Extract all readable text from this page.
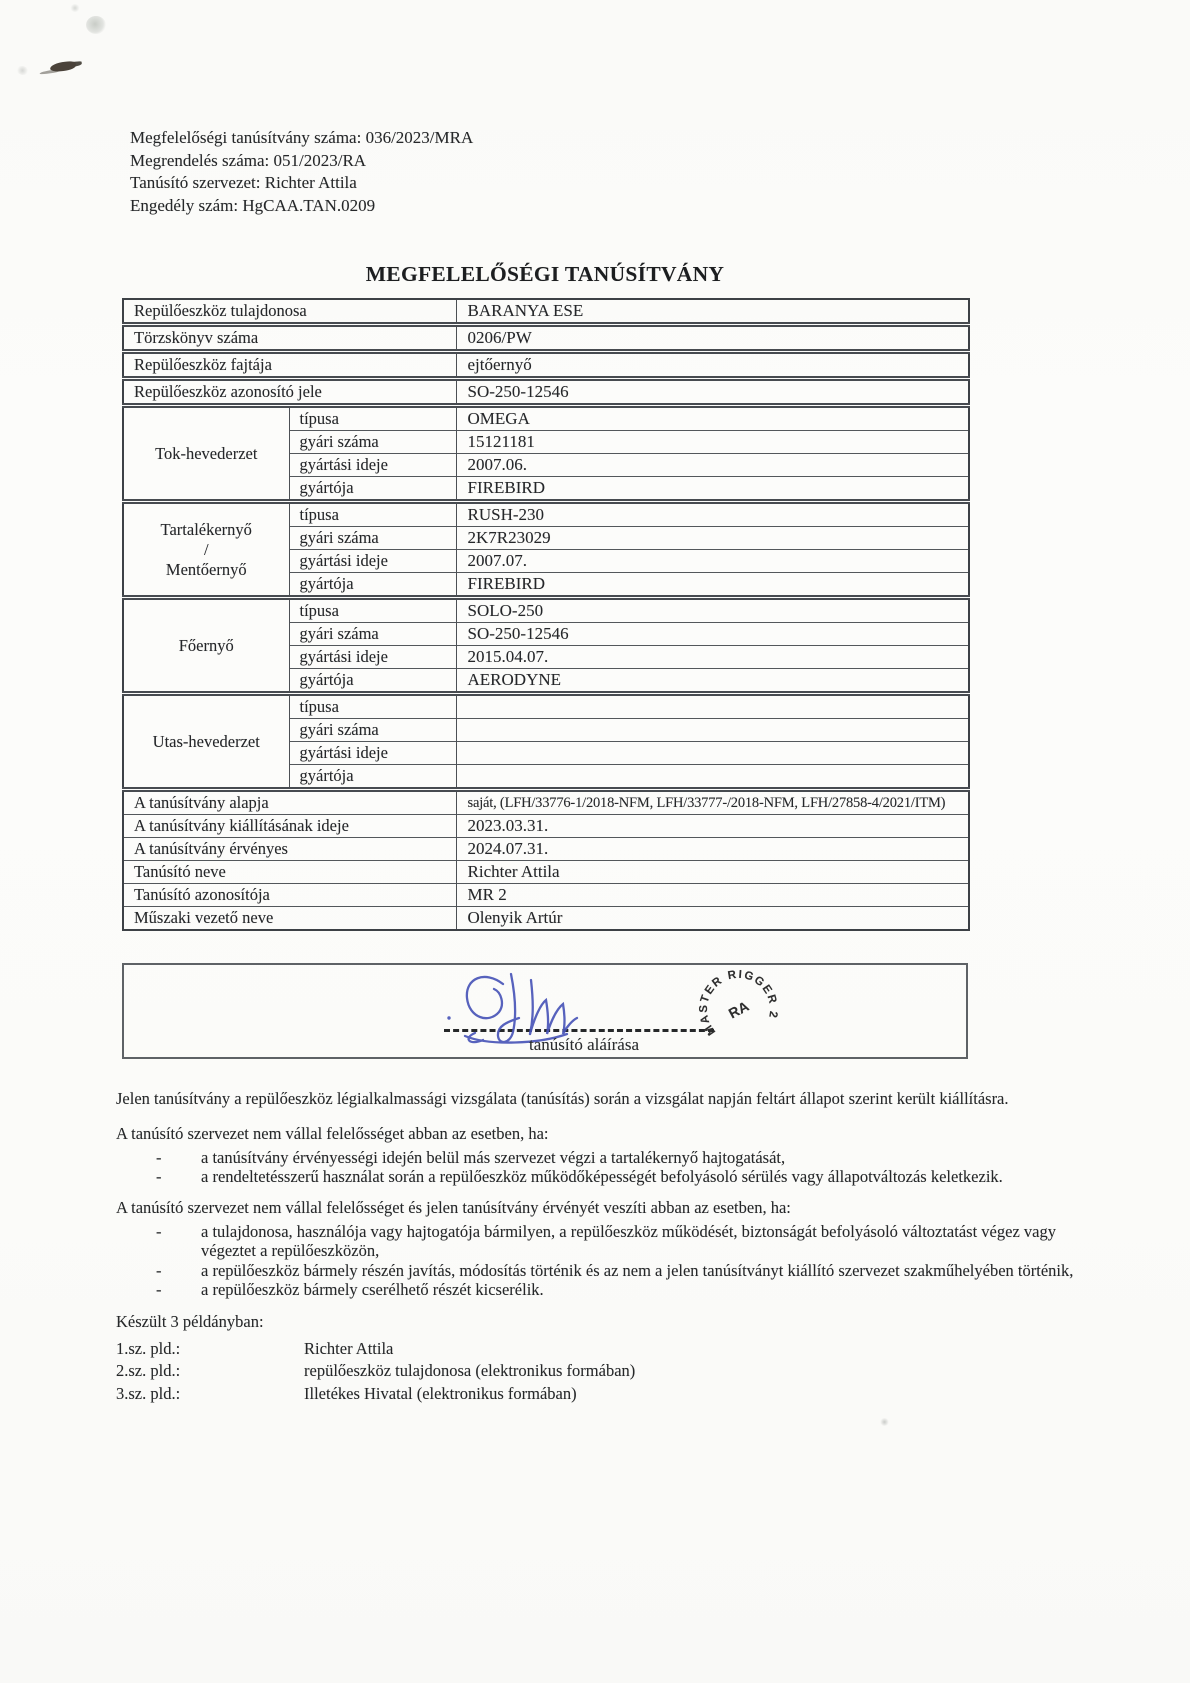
Megfelelőségi tanúsítvány száma: 036/2023/MRA
Megrendelés száma: 051/2023/RA
Tanúsító szervezet: Richter Attila
Engedély szám: HgCAA.TAN.0209
MEGFELELŐSÉGI TANÚSÍTVÁNY
Repülőeszköz tulajdonosa		BARANYA ESE
Törzskönyv száma		0206/PW
Repülőeszköz fajtája		ejtőernyő
Repülőeszköz azonosító jele		SO-250-12546

Tok-hevederzet	típusa	OMEGA
	gyári száma	15121181
	gyártási ideje	2007.06.
	gyártója	FIREBIRD

Tartalékernyő
/
Mentőernyő	típusa	RUSH-230
	gyári száma	2K7R23029
	gyártási ideje	2007.07.
	gyártója	FIREBIRD

Főernyő	típusa	SOLO-250
	gyári száma	SO-250-12546
	gyártási ideje	2015.04.07.
	gyártója	AERODYNE

Utas-hevederzet	típusa	
	gyári száma	
	gyártási ideje	
	gyártója	
A tanúsítvány alapja		saját, (LFH/33776-1/2018-NFM, LFH/33777-/2018-NFM, LFH/27858-4/2021/ITM)
A tanúsítvány kiállításának ideje		2023.03.31.
A tanúsítvány érvényes		2024.07.31.
Tanúsító neve		Richter Attila
Tanúsító azonosítója		MR 2
Műszaki vezető neve		Olenyik Artúr
MASTER RIGGER 2
RA
tanúsító aláírása
Jelen tanúsítvány a repülőeszköz légialkalmassági vizsgálata (tanúsítás) során a vizsgálat napján feltárt állapot szerint került kiállításra.
A tanúsító szervezet nem vállal felelősséget abban az esetben, ha:
-	a tanúsítvány érvényességi idején belül más szervezet végzi a tartalékernyő hajtogatását,
-	a rendeltetésszerű használat során a repülőeszköz működőképességét befolyásoló sérülés vagy állapotváltozás keletkezik.
A tanúsító szervezet nem vállal felelősséget és jelen tanúsítvány érvényét veszíti abban az esetben, ha:
-	a tulajdonosa, használója vagy hajtogatója bármilyen, a repülőeszköz működését, biztonságát befolyásoló változtatást végez vagy végeztet a repülőeszközön,
-	a repülőeszköz bármely részén javítás, módosítás történik és az nem a jelen tanúsítványt kiállító szervezet szakműhelyében történik,
-	a repülőeszköz bármely cserélhető részét kicserélik.
Készült 3 példányban:
1.sz. pld.:	Richter Attila
2.sz. pld.:	repülőeszköz tulajdonosa (elektronikus formában)
3.sz. pld.:	Illetékes Hivatal (elektronikus formában)
